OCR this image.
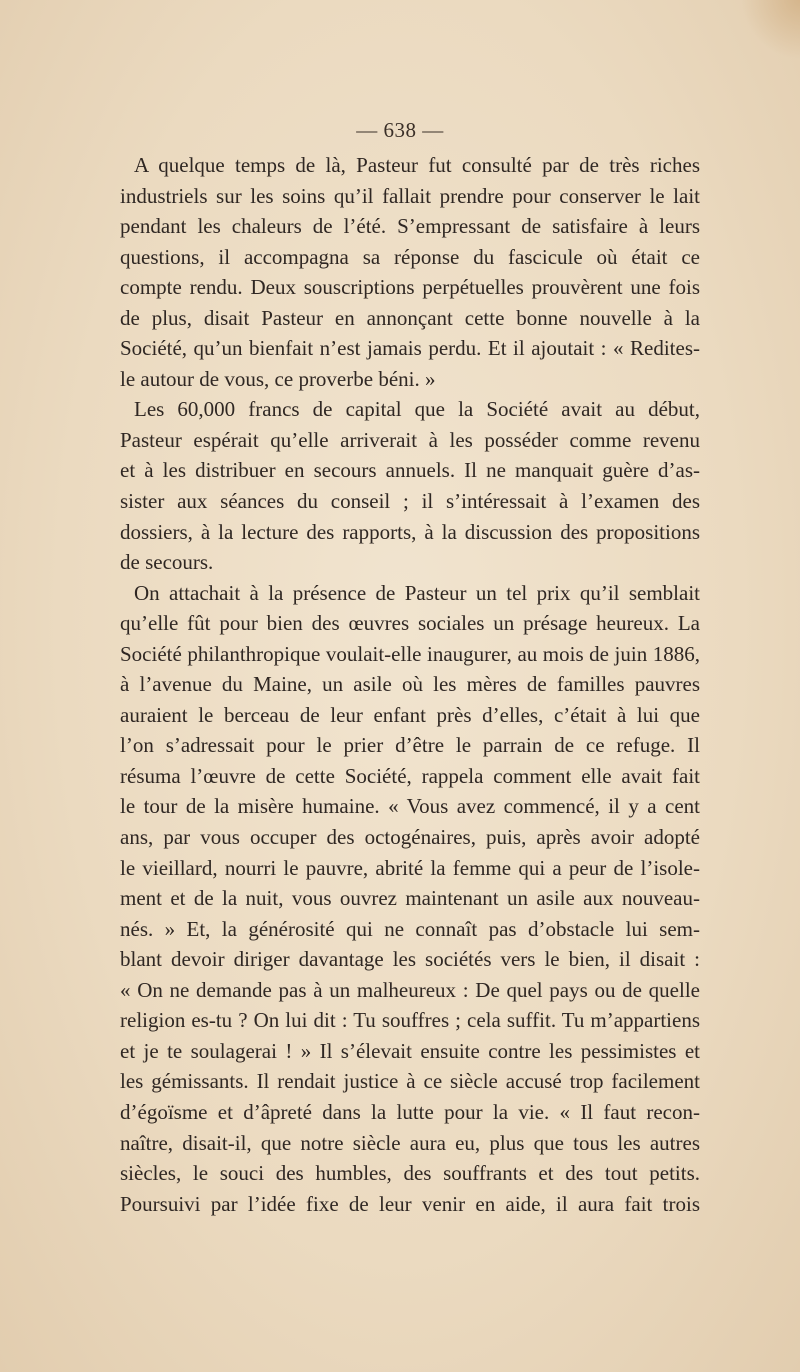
— 638 —
A quelque temps de là, Pasteur fut consulté par de très riches
industriels sur les soins qu’il fallait prendre pour conserver le lait
pendant les chaleurs de l’été. S’empressant de satisfaire à leurs
questions, il accompagna sa réponse du fascicule où était ce
compte rendu. Deux souscriptions perpétuelles prouvèrent une fois
de plus, disait Pasteur en annonçant cette bonne nouvelle à la
Société, qu’un bienfait n’est jamais perdu. Et il ajoutait : « Redites-
le autour de vous, ce proverbe béni. »
Les 60,000 francs de capital que la Société avait au début,
Pasteur espérait qu’elle arriverait à les posséder comme revenu
et à les distribuer en secours annuels. Il ne manquait guère d’as-
sister aux séances du conseil ; il s’intéressait à l’examen des
dossiers, à la lecture des rapports, à la discussion des propositions
de secours.
On attachait à la présence de Pasteur un tel prix qu’il semblait
qu’elle fût pour bien des œuvres sociales un présage heureux. La
Société philanthropique voulait-elle inaugurer, au mois de juin 1886,
à l’avenue du Maine, un asile où les mères de familles pauvres
auraient le berceau de leur enfant près d’elles, c’était à lui que
l’on s’adressait pour le prier d’être le parrain de ce refuge. Il
résuma l’œuvre de cette Société, rappela comment elle avait fait
le tour de la misère humaine. « Vous avez commencé, il y a cent
ans, par vous occuper des octogénaires, puis, après avoir adopté
le vieillard, nourri le pauvre, abrité la femme qui a peur de l’isole-
ment et de la nuit, vous ouvrez maintenant un asile aux nouveau-
nés. » Et, la générosité qui ne connaît pas d’obstacle lui sem-
blant devoir diriger davantage les sociétés vers le bien, il disait :
« On ne demande pas à un malheureux : De quel pays ou de quelle
religion es-tu ? On lui dit : Tu souffres ; cela suffit. Tu m’appartiens
et je te soulagerai ! » Il s’élevait ensuite contre les pessimistes et
les gémissants. Il rendait justice à ce siècle accusé trop facilement
d’égoïsme et d’âpreté dans la lutte pour la vie. « Il faut recon-
naître, disait-il, que notre siècle aura eu, plus que tous les autres
siècles, le souci des humbles, des souffrants et des tout petits.
Poursuivi par l’idée fixe de leur venir en aide, il aura fait trois
